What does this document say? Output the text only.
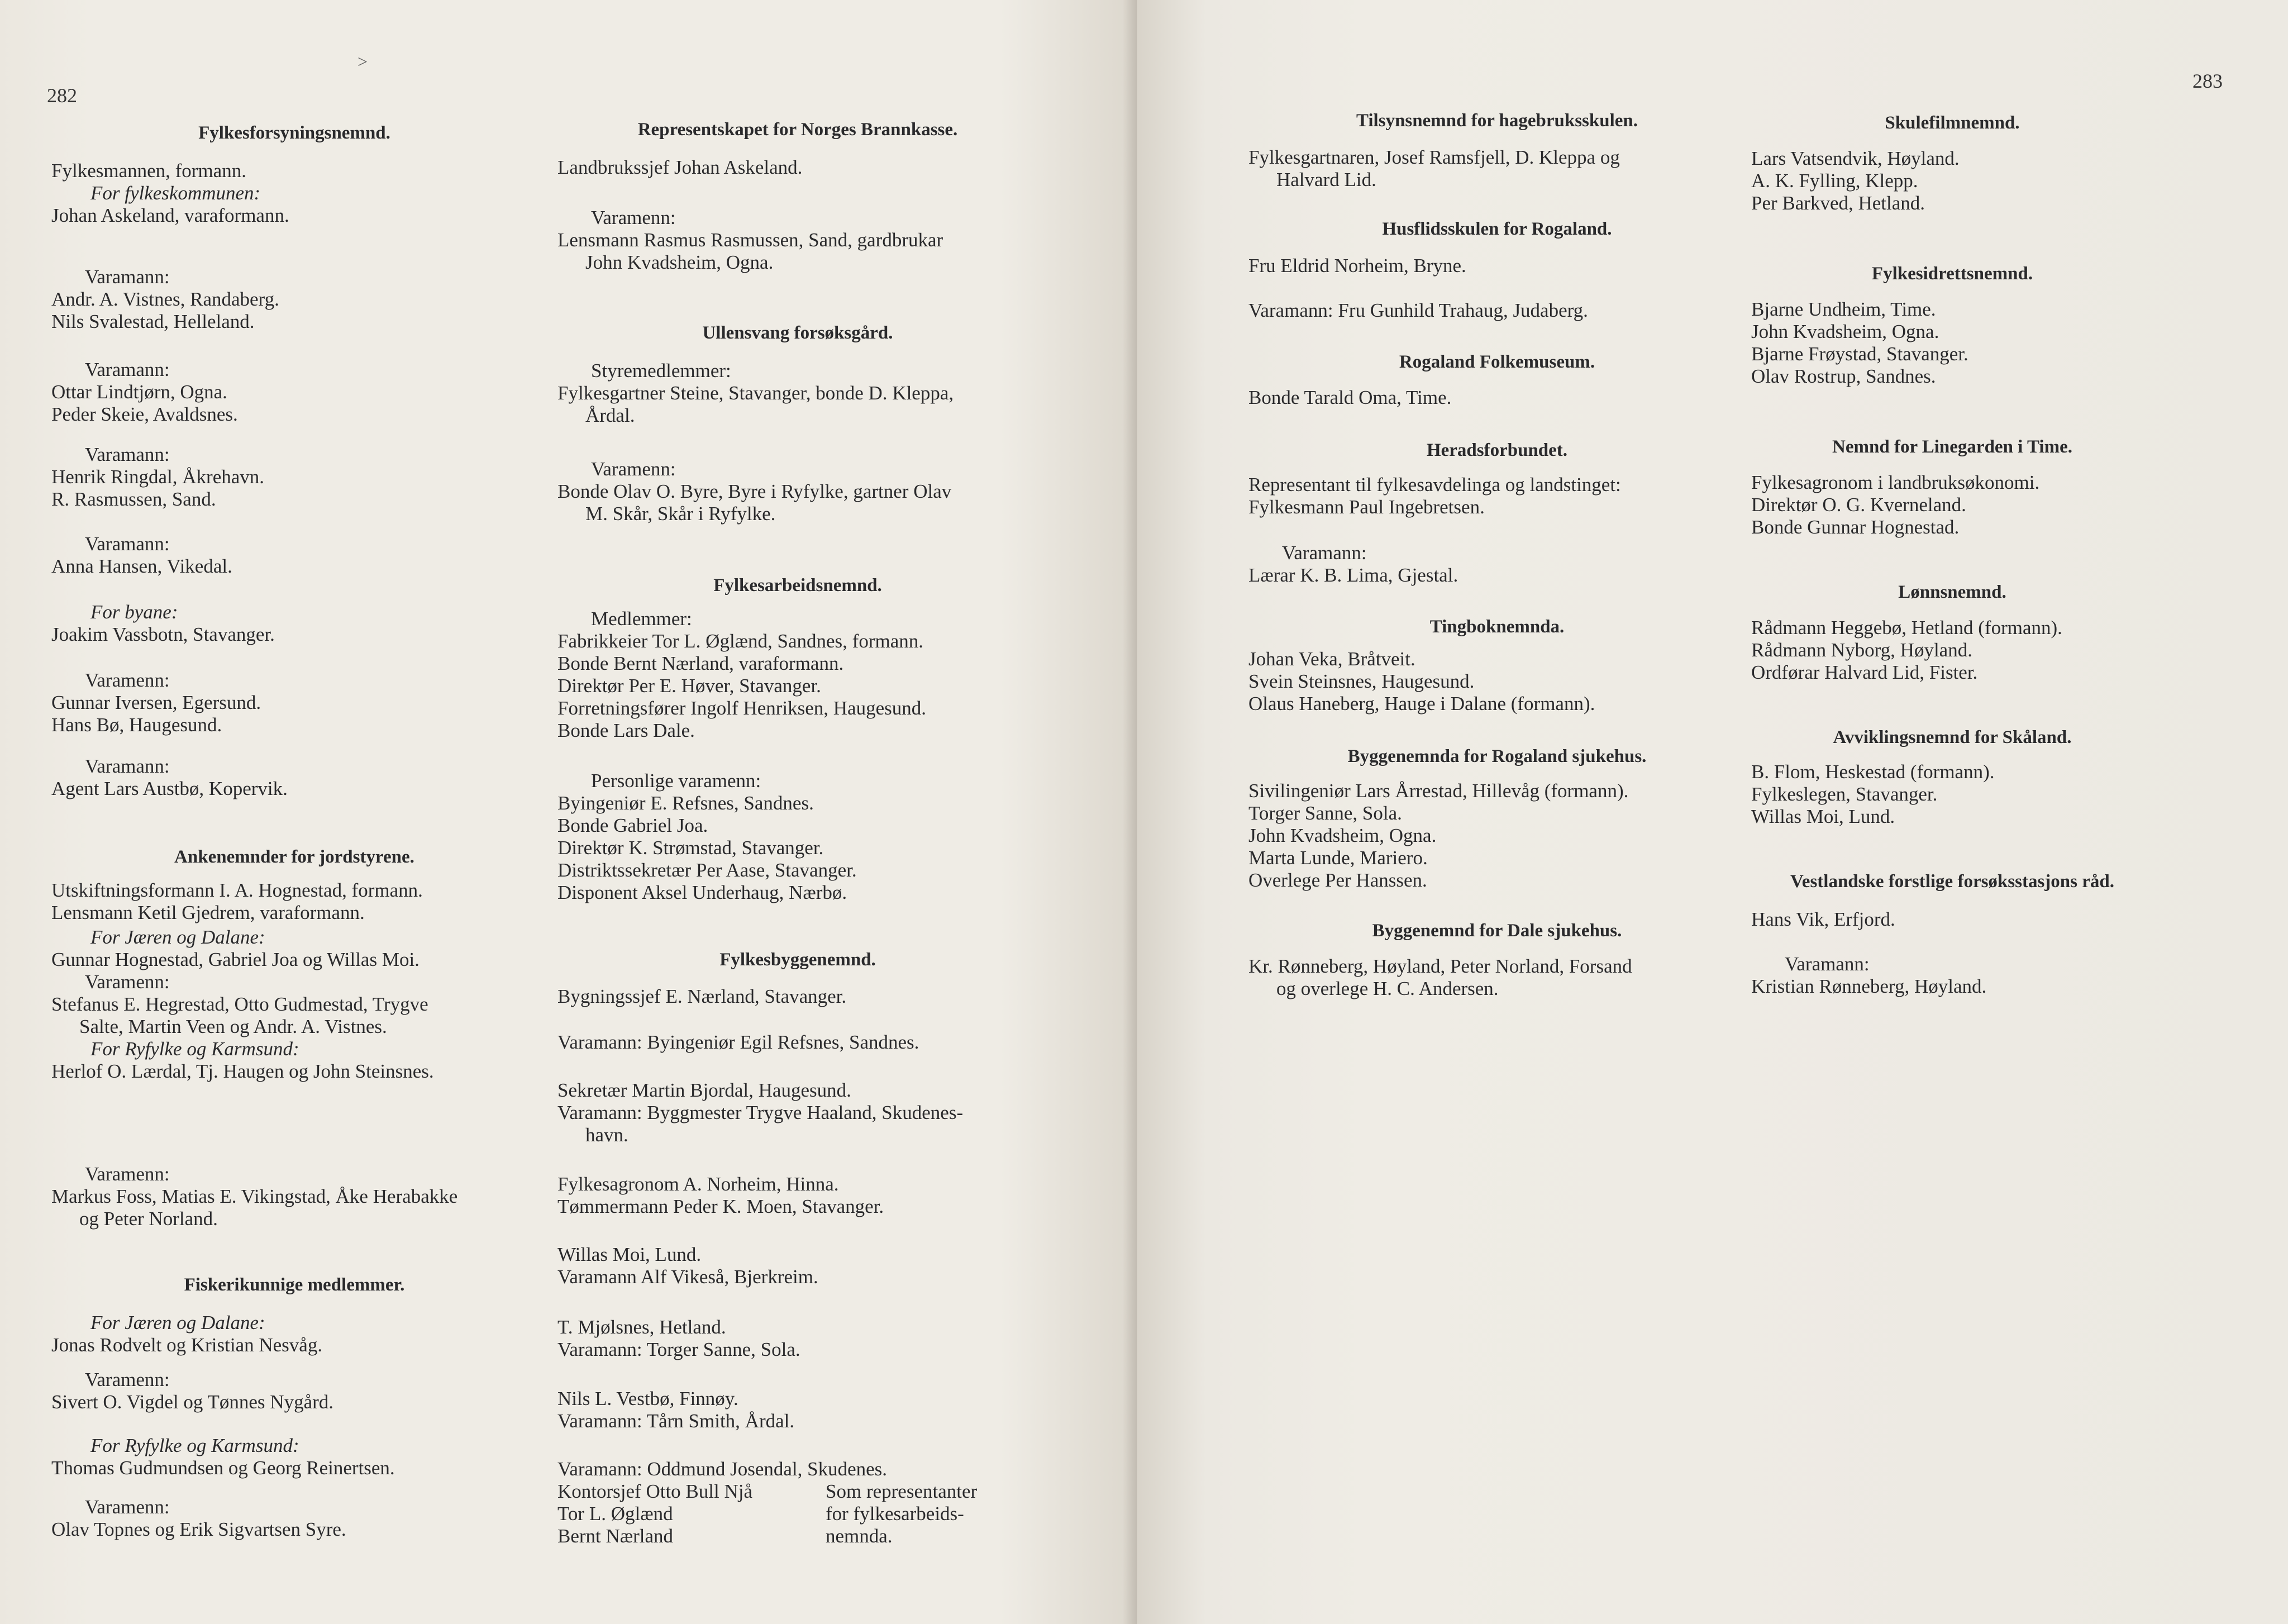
282
>
Fylkesforsyningsnemnd.
Fylkesmannen, formann.
For fylkeskommunen:
Johan Askeland, varaformann.
Varamann:
Andr. A. Vistnes, Randaberg.
Nils Svalestad, Helleland.
Varamann:
Ottar Lindtjørn, Ogna.
Peder Skeie, Avaldsnes.
Varamann:
Henrik Ringdal, Åkrehavn.
R. Rasmussen, Sand.
Varamann:
Anna Hansen, Vikedal.
For byane:
Joakim Vassbotn, Stavanger.
Varamenn:
Gunnar Iversen, Egersund.
Hans Bø, Haugesund.
Varamann:
Agent Lars Austbø, Kopervik.
Ankenemnder for jordstyrene.
Utskiftningsformann I. A. Hognestad, formann.
Lensmann Ketil Gjedrem, varaformann.
For Jæren og Dalane:
Gunnar Hognestad, Gabriel Joa og Willas Moi.
Varamenn:
Stefanus E. Hegrestad, Otto Gudmestad, Trygve
Salte, Martin Veen og Andr. A. Vistnes.
For Ryfylke og Karmsund:
Herlof O. Lærdal, Tj. Haugen og John Steinsnes.
Varamenn:
Markus Foss, Matias E. Vikingstad, Åke Herabakke
og Peter Norland.
Fiskerikunnige medlemmer.
For Jæren og Dalane:
Jonas Rodvelt og Kristian Nesvåg.
Varamenn:
Sivert O. Vigdel og Tønnes Nygård.
For Ryfylke og Karmsund:
Thomas Gudmundsen og Georg Reinertsen.
Varamenn:
Olav Topnes og Erik Sigvartsen Syre.
Representskapet for Norges Brannkasse.
Landbrukssjef Johan Askeland.
Varamenn:
Lensmann Rasmus Rasmussen, Sand, gardbrukar
John Kvadsheim, Ogna.
Ullensvang forsøksgård.
Styremedlemmer:
Fylkesgartner Steine, Stavanger, bonde D. Kleppa,
Årdal.
Varamenn:
Bonde Olav O. Byre, Byre i Ryfylke, gartner Olav
M. Skår, Skår i Ryfylke.
Fylkesarbeidsnemnd.
Medlemmer:
Fabrikkeier Tor L. Øglænd, Sandnes, formann.
Bonde Bernt Nærland, varaformann.
Direktør Per E. Høver, Stavanger.
Forretningsfører Ingolf Henriksen, Haugesund.
Bonde Lars Dale.
Personlige varamenn:
Byingeniør E. Refsnes, Sandnes.
Bonde Gabriel Joa.
Direktør K. Strømstad, Stavanger.
Distriktssekretær Per Aase, Stavanger.
Disponent Aksel Underhaug, Nærbø.
Fylkesbyggenemnd.
Bygningssjef E. Nærland, Stavanger.
Varamann: Byingeniør Egil Refsnes, Sandnes.
Sekretær Martin Bjordal, Haugesund.
Varamann: Byggmester Trygve Haaland, Skudenes-
havn.
Fylkesagronom A. Norheim, Hinna.
Tømmermann Peder K. Moen, Stavanger.
Willas Moi, Lund.
Varamann Alf Vikeså, Bjerkreim.
T. Mjølsnes, Hetland.
Varamann: Torger Sanne, Sola.
Nils L. Vestbø, Finnøy.
Varamann: Tårn Smith, Årdal.
Varamann: Oddmund Josendal, Skudenes.
Kontorsjef Otto Bull Njå
Tor L. Øglænd
Bernt Nærland
Som representanter
for fylkesarbeids-
nemnda.
283
Tilsynsnemnd for hagebruksskulen.
Fylkesgartnaren, Josef Ramsfjell, D. Kleppa og
Halvard Lid.
Husflidsskulen for Rogaland.
Fru Eldrid Norheim, Bryne.
Varamann: Fru Gunhild Trahaug, Judaberg.
Rogaland Folkemuseum.
Bonde Tarald Oma, Time.
Heradsforbundet.
Representant til fylkesavdelinga og landstinget:
Fylkesmann Paul Ingebretsen.
Varamann:
Lærar K. B. Lima, Gjestal.
Tingboknemnda.
Johan Veka, Bråtveit.
Svein Steinsnes, Haugesund.
Olaus Haneberg, Hauge i Dalane (formann).
Byggenemnda for Rogaland sjukehus.
Sivilingeniør Lars Årrestad, Hillevåg (formann).
Torger Sanne, Sola.
John Kvadsheim, Ogna.
Marta Lunde, Mariero.
Overlege Per Hanssen.
Byggenemnd for Dale sjukehus.
Kr. Rønneberg, Høyland, Peter Norland, Forsand
og overlege H. C. Andersen.
Skulefilmnemnd.
Lars Vatsendvik, Høyland.
A. K. Fylling, Klepp.
Per Barkved, Hetland.
Fylkesidrettsnemnd.
Bjarne Undheim, Time.
John Kvadsheim, Ogna.
Bjarne Frøystad, Stavanger.
Olav Rostrup, Sandnes.
Nemnd for Linegarden i Time.
Fylkesagronom i landbruksøkonomi.
Direktør O. G. Kverneland.
Bonde Gunnar Hognestad.
Lønnsnemnd.
Rådmann Heggebø, Hetland (formann).
Rådmann Nyborg, Høyland.
Ordførar Halvard Lid, Fister.
Avviklingsnemnd for Skåland.
B. Flom, Heskestad (formann).
Fylkeslegen, Stavanger.
Willas Moi, Lund.
Vestlandske forstlige forsøksstasjons råd.
Hans Vik, Erfjord.
Varamann:
Kristian Rønneberg, Høyland.
